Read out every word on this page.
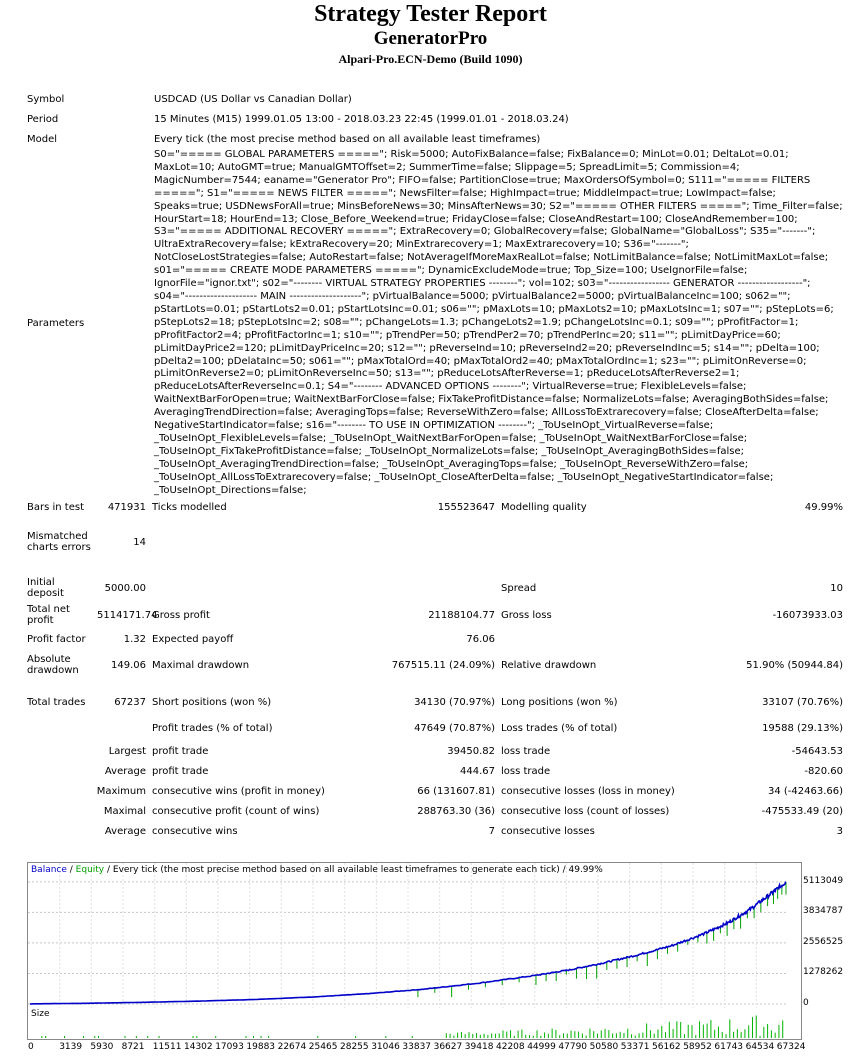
Strategy Tester Report
GeneratorPro
Alpari-Pro.ECN-Demo (Build 1090)
Symbol	USDCAD (US Dollar vs Canadian Dollar)				
Period	15 Minutes (M15) 1999.01.05 13:00 - 2018.03.23 22:45 (1999.01.01 - 2018.03.24)				
Model	Every tick (the most precise method based on all available least timeframes)				
Parameters	S0="===== GLOBAL PARAMETERS ====="; Risk=5000; AutoFixBalance=false; FixBalance=0; MinLot=0.01; DeltaLot=0.01; MaxLot=10; AutoGMT=true; ManualGMTOffset=2; SummerTime=false; Slippage=5; SpreadLimit=5; Commission=4; MagicNumber=7544; eaname="Generator Pro"; FIFO=false; PartitionClose=true; MaxOrdersOfSymbol=0; S111="===== FILTERS ====="; S1="===== NEWS FILTER ====="; NewsFilter=false; HighImpact=true; MiddleImpact=true; LowImpact=false; Speaks=true; USDNewsForAll=true; MinsBeforeNews=30; MinsAfterNews=30; S2="===== OTHER FILTERS ====="; Time_Filter=false; HourStart=18; HourEnd=13; Close_Before_Weekend=true; FridayClose=false; CloseAndRestart=100; CloseAndRemember=100; S3="===== ADDITIONAL RECOVERY ====="; ExtraRecovery=0; GlobalRecovery=false; GlobalName="GlobalLoss"; S35="-------"; UltraExtraRecovery=false; kExtraRecovery=20; MinExtrarecovery=1; MaxExtrarecovery=10; S36="-------"; NotCloseLostStrategies=false; AutoRestart=false; NotAverageIfMoreMaxRealLot=false; NotLimitBalance=false; NotLimitMaxLot=false; s01="===== CREATE MODE PARAMETERS ====="; DynamicExcludeMode=true; Top_Size=100; UseIgnorFile=false; IgnorFile="ignor.txt"; s02="-------- VIRTUAL STRATEGY PROPERTIES --------"; vol=102; s03="----------------- GENERATOR ------------------"; s04="-------------------- MAIN --------------------"; pVirtualBalance=5000; pVirtualBalance2=5000; pVirtualBalanceInc=100; s062=""; pStartLots=0.01; pStartLots2=0.01; pStartLotsInc=0.01; s06=""; pMaxLots=10; pMaxLots2=10; pMaxLotsInc=1; s07=""; pStepLots=6; pStepLots2=18; pStepLotsInc=2; s08=""; pChangeLots=1.3; pChangeLots2=1.9; pChangeLotsInc=0.1; s09=""; pProfitFactor=1; pProfitFactor2=4; pProfitFactorInc=1; s10=""; pTrendPer=50; pTrendPer2=70; pTrendPerInc=20; s11=""; pLimitDayPrice=60; pLimitDayPrice2=120; pLimitDayPriceInc=20; s12=""; pReverseInd=10; pReverseInd2=20; pReverseIndInc=5; s14=""; pDelta=100; pDelta2=100; pDelataInc=50; s061=""; pMaxTotalOrd=40; pMaxTotalOrd2=40; pMaxTotalOrdInc=1; s23=""; pLimitOnReverse=0; pLimitOnReverse2=0; pLimitOnReverseInc=50; s13=""; pReduceLotsAfterReverse=1; pReduceLotsAfterReverse2=1; pReduceLotsAfterReverseInc=0.1; S4="-------- ADVANCED OPTIONS --------"; VirtualReverse=true; FlexibleLevels=false; WaitNextBarForOpen=true; WaitNextBarForClose=false; FixTakeProfitDistance=false; NormalizeLots=false; AveragingBothSides=false; AveragingTrendDirection=false; AveragingTops=false; ReverseWithZero=false; AllLossToExtrarecovery=false; CloseAfterDelta=false; NegativeStartIndicator=false; s16="-------- TO USE IN OPTIMIZATION --------"; _ToUseInOpt_VirtualReverse=false; _ToUseInOpt_FlexibleLevels=false; _ToUseInOpt_WaitNextBarForOpen=false; _ToUseInOpt_WaitNextBarForClose=false; _ToUseInOpt_FixTakeProfitDistance=false; _ToUseInOpt_NormalizeLots=false; _ToUseInOpt_AveragingBothSides=false; _ToUseInOpt_AveragingTrendDirection=false; _ToUseInOpt_AveragingTops=false; _ToUseInOpt_ReverseWithZero=false; _ToUseInOpt_AllLossToExtrarecovery=false; _ToUseInOpt_CloseAfterDelta=false; _ToUseInOpt_NegativeStartIndicator=false; _ToUseInOpt_Directions=false;				
Bars in test	471931	Ticks modelled	155523647	Modelling quality	49.99%
Mismatched charts errors	14				

Initial deposit	5000.00			Spread	10
Total net profit	5114171.74	Gross profit	21188104.77	Gross loss	-16073933.03
Profit factor	1.32	Expected payoff	76.06		
Absolute drawdown	149.06	Maximal drawdown	767515.11 (24.09%)	Relative drawdown	51.90% (50944.84)

Total trades	67237	Short positions (won %)	34130 (70.97%)	Long positions (won %)	33107 (70.76%)
		Profit trades (% of total)	47649 (70.87%)	Loss trades (% of total)	19588 (29.13%)
Largest		profit trade	39450.82	loss trade	-54643.53
Average		profit trade	444.67	loss trade	-820.60
Maximum		consecutive wins (profit in money)	66 (131607.81)	consecutive losses (loss in money)	34 (-42463.66)
Maximal		consecutive profit (count of wins)	288763.30 (36)	consecutive loss (count of losses)	-475533.49 (20)
Average		consecutive wins	7	consecutive losses	3
Balance / Equity / Every tick (the most precise method based on all available least timeframes to generate each tick) / 49.99%
0
1278262
2556525
3834787
5113049
Size
0	3139 5930 8721 11511 14302 17093 19883 22674 25465 28255 31046 33837 36627 39418 42208 44999 47790 50580 53371 56162 58952 61743 64534 67324
